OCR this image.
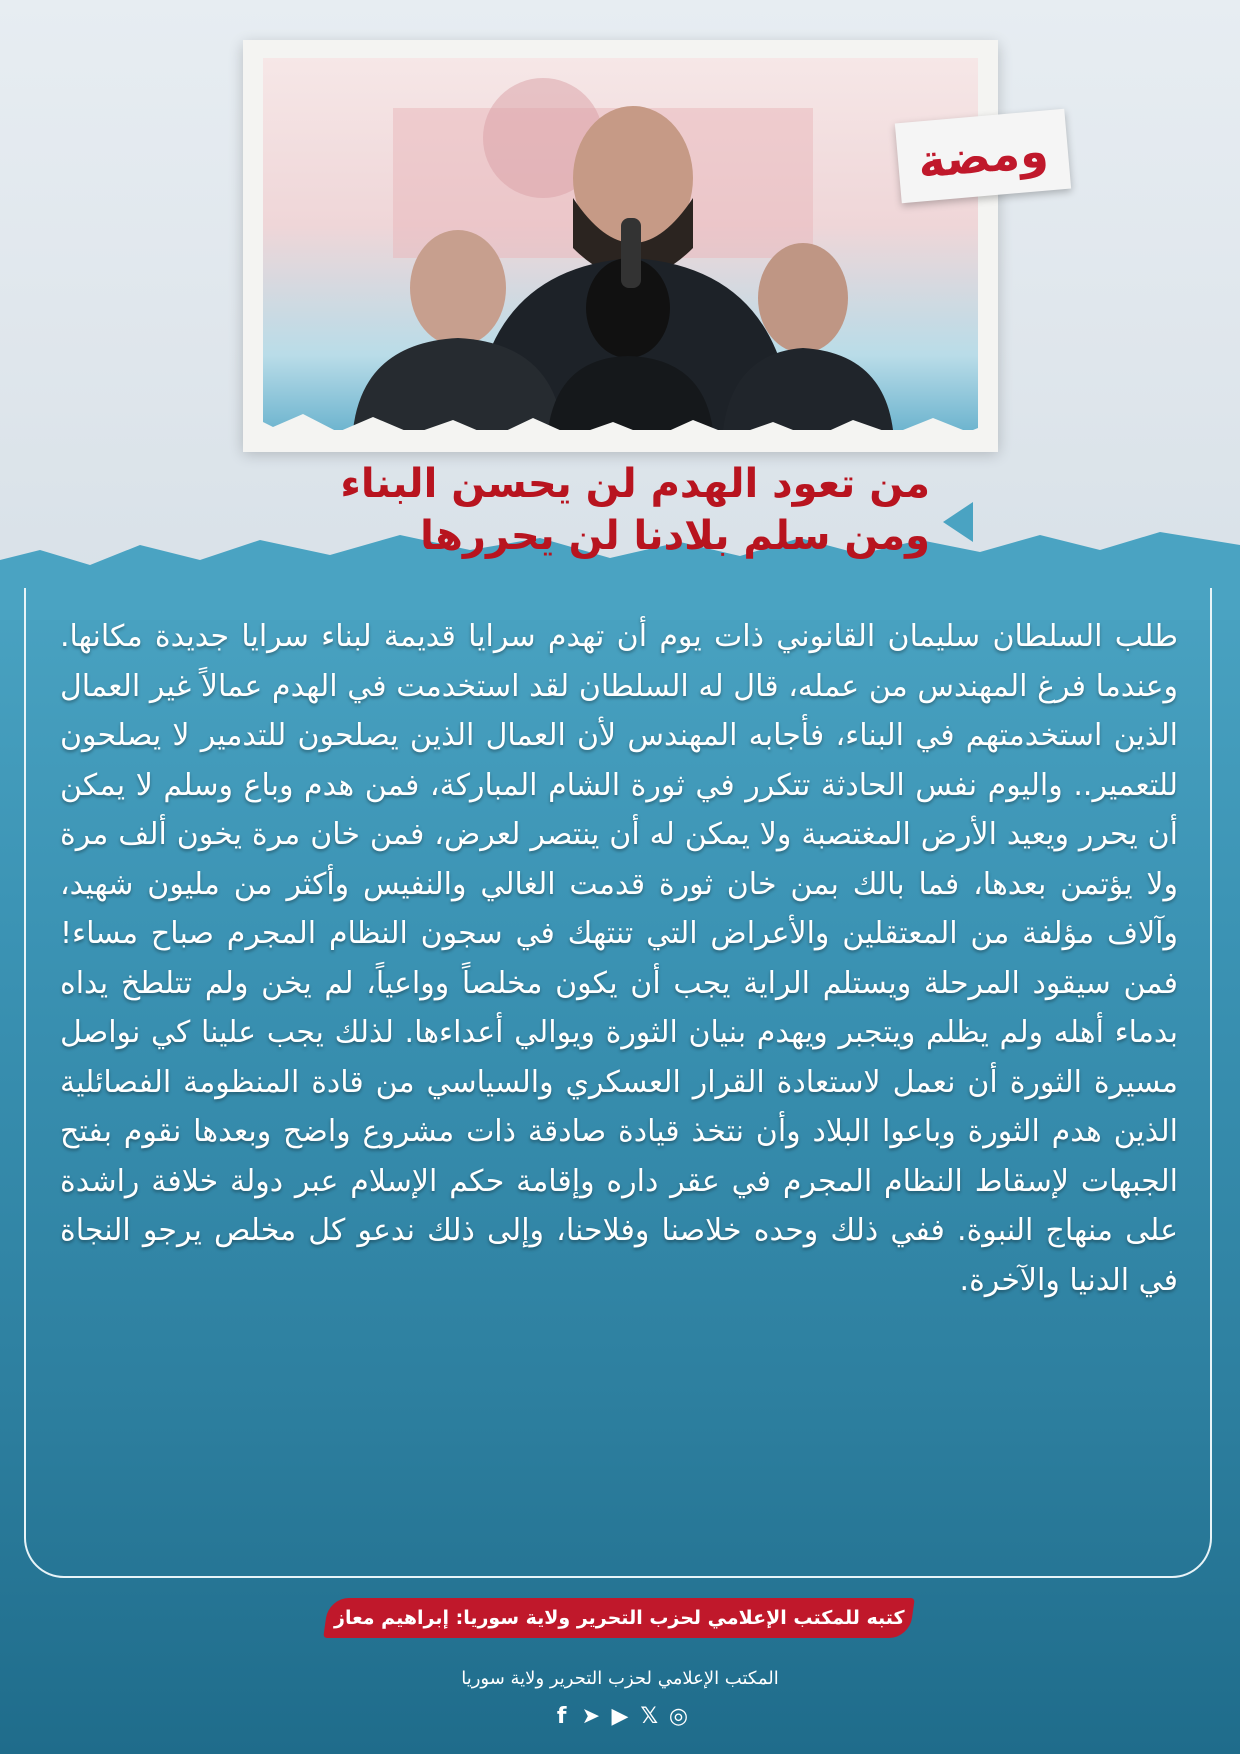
ومضة
من تعود الهدم لن يحسن البناء
ومن سلم بلادنا لن يحررها
طلب السلطان سليمان القانوني ذات يوم أن تهدم سرايا قديمة لبناء سرايا جديدة مكانها. وعندما فرغ المهندس من عمله، قال له السلطان لقد استخدمت في الهدم عمالاً غير العمال الذين استخدمتهم في البناء، فأجابه المهندس لأن العمال الذين يصلحون للتدمير لا يصلحون للتعمير.. واليوم نفس الحادثة تتكرر في ثورة الشام المباركة، فمن هدم وباع وسلم لا يمكن أن يحرر ويعيد الأرض المغتصبة ولا يمكن له أن ينتصر لعرض، فمن خان مرة يخون ألف مرة ولا يؤتمن بعدها، فما بالك بمن خان ثورة قدمت الغالي والنفيس وأكثر من مليون شهيد، وآلاف مؤلفة من المعتقلين والأعراض التي تنتهك في سجون النظام المجرم صباح مساء! فمن سيقود المرحلة ويستلم الراية يجب أن يكون مخلصاً وواعياً، لم يخن ولم تتلطخ يداه بدماء أهله ولم يظلم ويتجبر ويهدم بنيان الثورة ويوالي أعداءها. لذلك يجب علينا كي نواصل مسيرة الثورة أن نعمل لاستعادة القرار العسكري والسياسي من قادة المنظومة الفصائلية الذين هدم الثورة وباعوا البلاد وأن نتخذ قيادة صادقة ذات مشروع واضح وبعدها نقوم بفتح الجبهات لإسقاط النظام المجرم في عقر داره وإقامة حكم الإسلام عبر دولة خلافة راشدة على منهاج النبوة. ففي ذلك وحده خلاصنا وفلاحنا، وإلى ذلك ندعو كل مخلص يرجو النجاة في الدنيا والآخرة.
كتبه للمكتب الإعلامي لحزب التحرير ولاية سوريا: إبراهيم معاز
المكتب الإعلامي لحزب التحرير ولاية سوريا
f ➤ ▶ 𝕏 ◎
